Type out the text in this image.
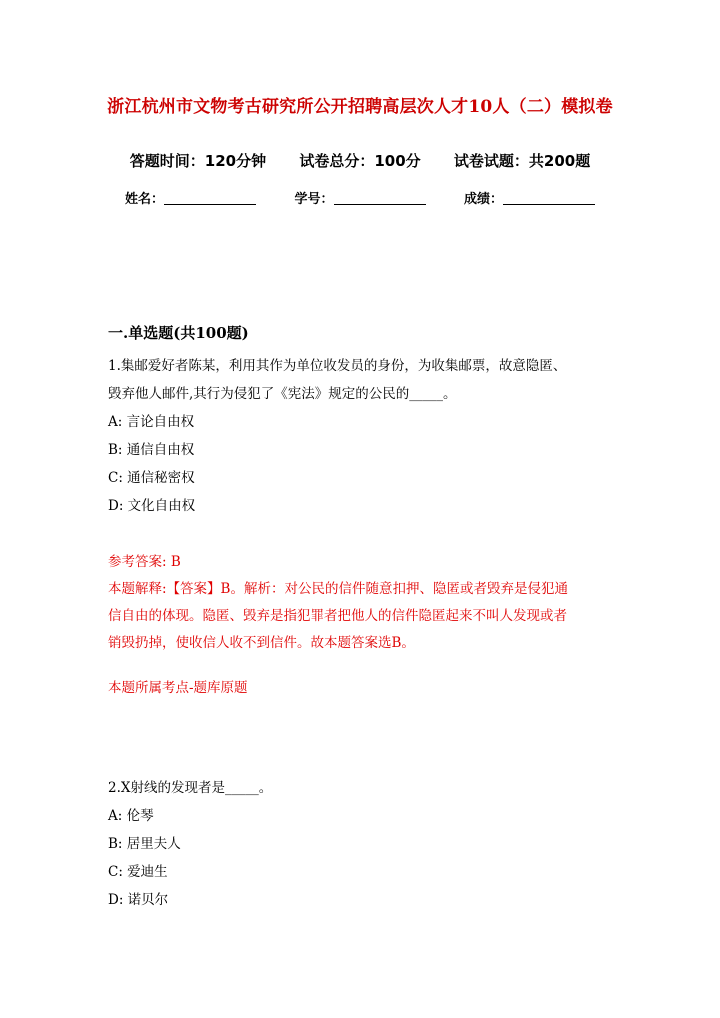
浙江杭州市文物考古研究所公开招聘高层次人才10人（二）模拟卷
答题时间：120分钟 试卷总分：100分 试卷试题：共200题
姓名：	学号：	成绩：
一.单选题(共100题)

1.集邮爱好者陈某，利用其作为单位收发员的身份，为收集邮票，故意隐匿、

毁弃他人邮件,其行为侵犯了《宪法》规定的公民的_____。

A: 言论自由权

B: 通信自由权

C: 通信秘密权

D: 文化自由权

参考答案: B

本题解释:【答案】B。解析：对公民的信件随意扣押、隐匿或者毁弃是侵犯通

信自由的体现。隐匿、毁弃是指犯罪者把他人的信件隐匿起来不叫人发现或者

销毁扔掉，使收信人收不到信件。故本题答案选B。

本题所属考点-题库原题

2.X射线的发现者是_____。

A: 伦琴

B: 居里夫人

C: 爱迪生

D: 诺贝尔
